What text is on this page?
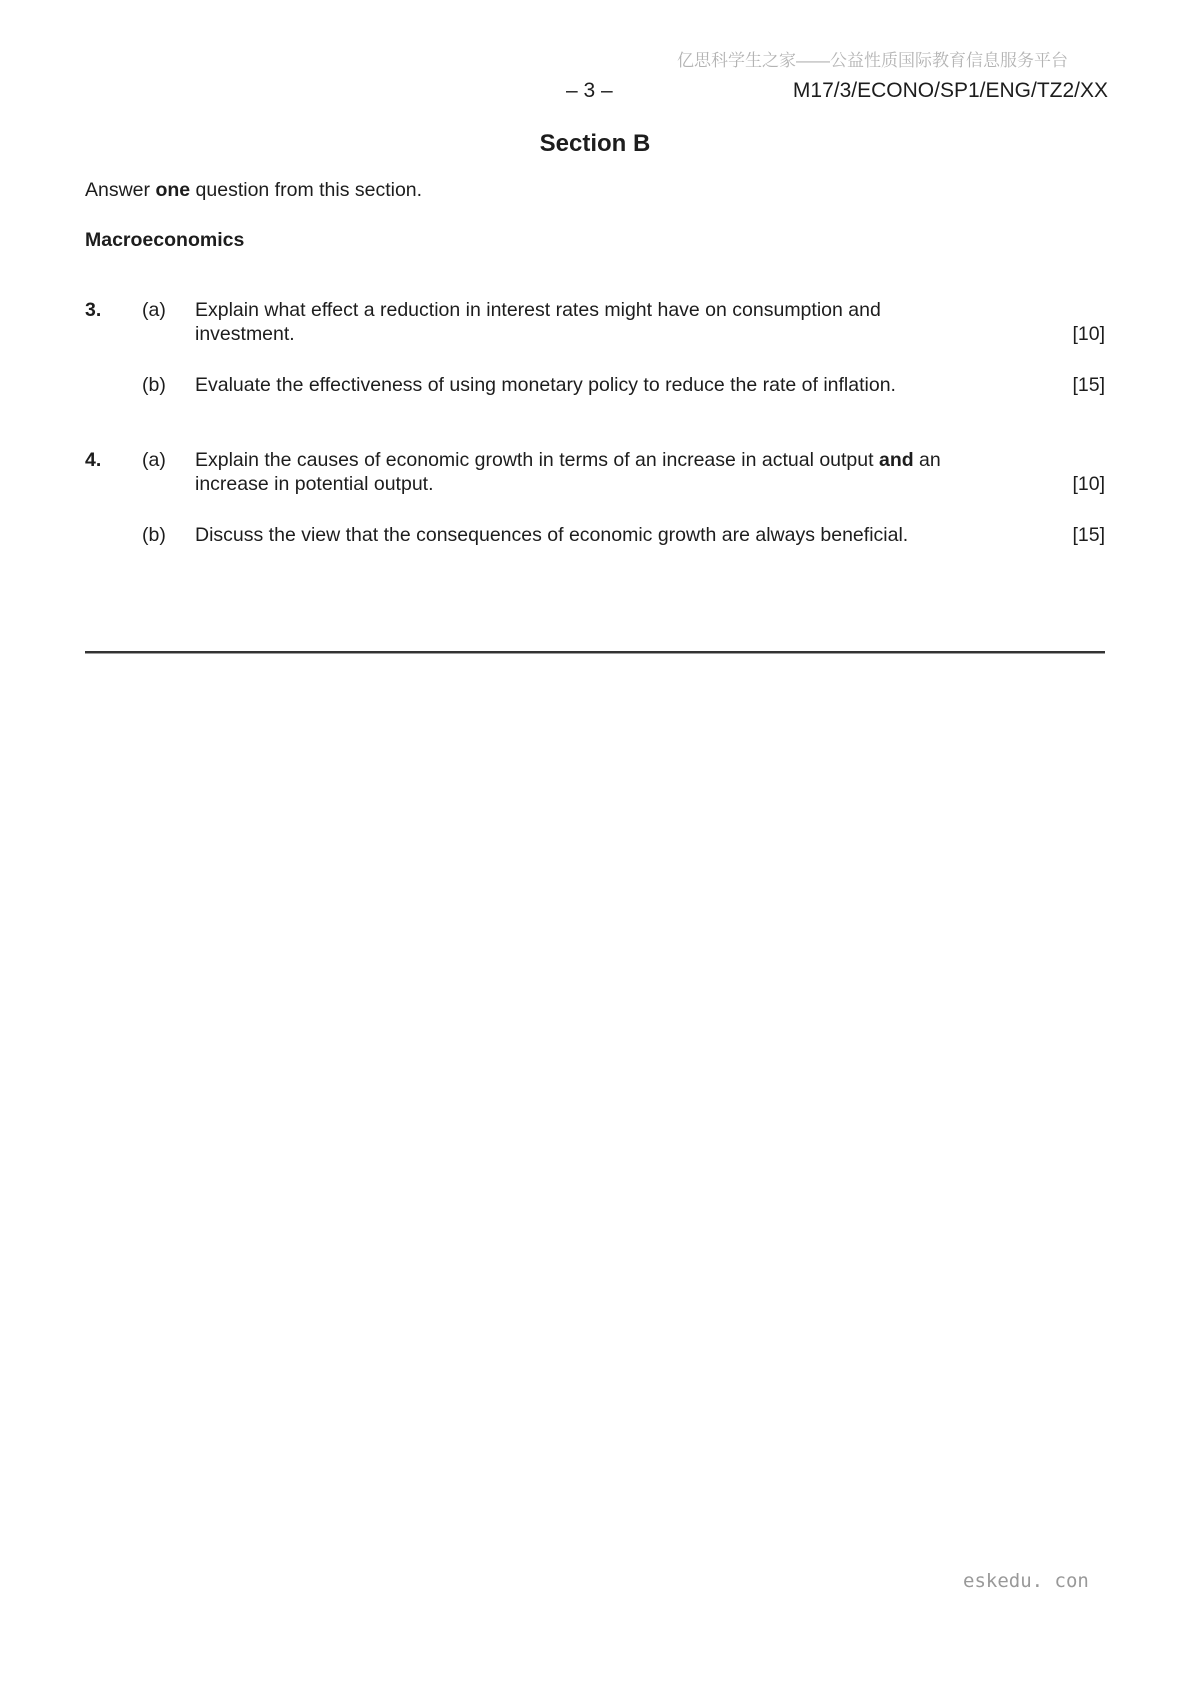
亿思科学生之家——公益性质国际教育信息服务平台
– 3 –	M17/3/ECONO/SP1/ENG/TZ2/XX
Section B

Answer one question from this section.

Macroeconomics
3.	(a)	Explain what effect a reduction in interest rates might have on consumption and investment.	[10]
(b)	Evaluate the effectiveness of using monetary policy to reduce the rate of inflation.	[15]
4.	(a)	Explain the causes of economic growth in terms of an increase in actual output and an increase in potential output.	[10]
(b)	Discuss the view that the consequences of economic growth are always beneficial.	[15]
eskedu. con
